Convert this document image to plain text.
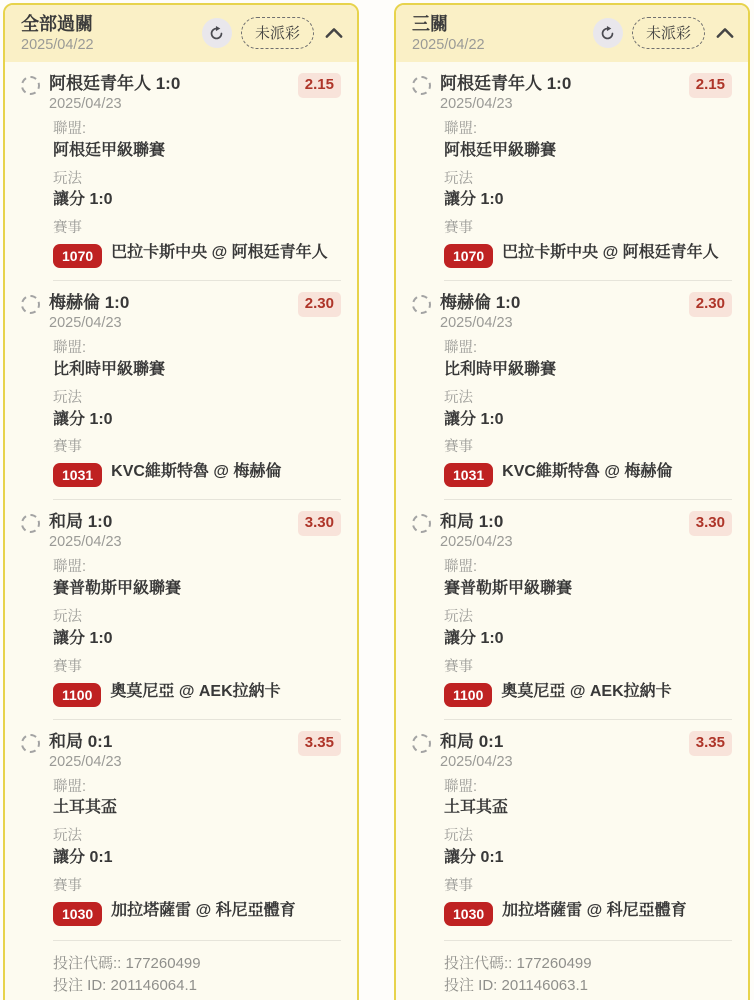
全部過關
2025/04/22
未派彩
阿根廷青年人 1:0
2025/04/23
2.15
聯盟:
阿根廷甲級聯賽
玩法
讓分 1:0
賽事
1070	巴拉卡斯中央 @ 阿根廷青年人
梅赫倫 1:0
2025/04/23
2.30
聯盟:
比利時甲級聯賽
玩法
讓分 1:0
賽事
1031	KVC維斯特魯 @ 梅赫倫
和局 1:0
2025/04/23
3.30
聯盟:
賽普勒斯甲級聯賽
玩法
讓分 1:0
賽事
1100	奧莫尼亞 @ AEK拉納卡
和局 0:1
2025/04/23
3.35
聯盟:
土耳其盃
玩法
讓分 0:1
賽事
1030	加拉塔薩雷 @ 科尼亞體育
投注代碼:: 177260499
投注 ID: 201146064.1
三關
2025/04/22
未派彩
阿根廷青年人 1:0
2025/04/23
2.15
聯盟:
阿根廷甲級聯賽
玩法
讓分 1:0
賽事
1070	巴拉卡斯中央 @ 阿根廷青年人
梅赫倫 1:0
2025/04/23
2.30
聯盟:
比利時甲級聯賽
玩法
讓分 1:0
賽事
1031	KVC維斯特魯 @ 梅赫倫
和局 1:0
2025/04/23
3.30
聯盟:
賽普勒斯甲級聯賽
玩法
讓分 1:0
賽事
1100	奧莫尼亞 @ AEK拉納卡
和局 0:1
2025/04/23
3.35
聯盟:
土耳其盃
玩法
讓分 0:1
賽事
1030	加拉塔薩雷 @ 科尼亞體育
投注代碼:: 177260499
投注 ID: 201146063.1
